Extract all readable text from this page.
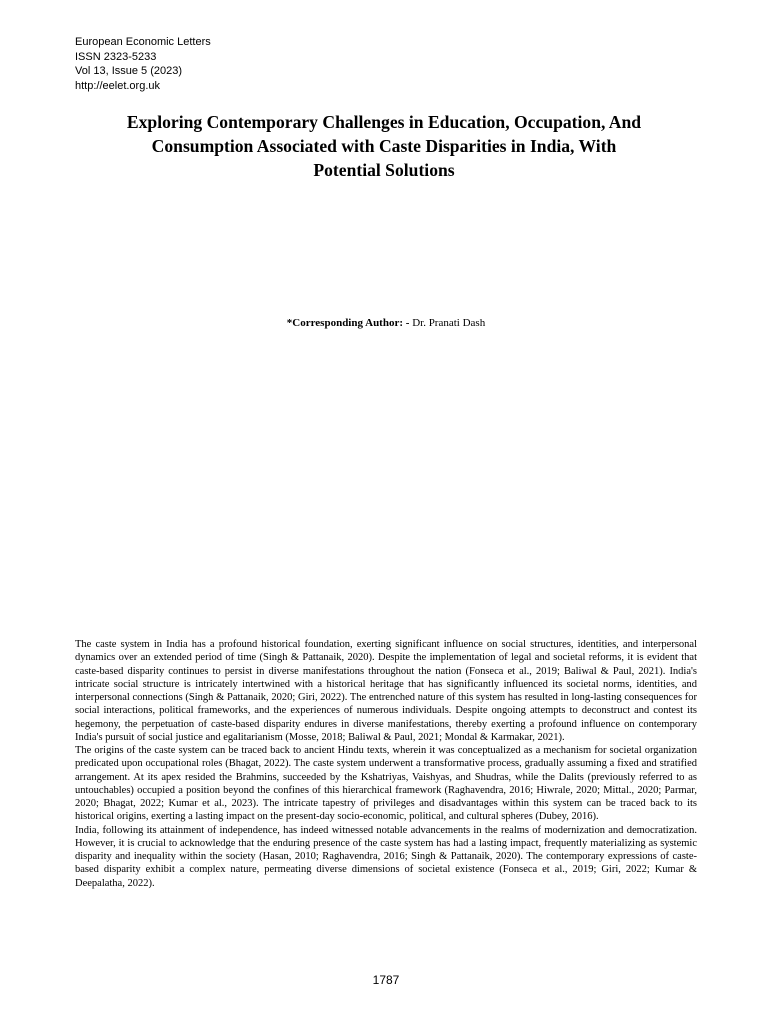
European Economic Letters
ISSN 2323-5233
Vol 13, Issue 5 (2023)
http://eelet.org.uk
Exploring Contemporary Challenges in Education, Occupation, And
Consumption Associated with Caste Disparities in India, With
Potential Solutions
*Corresponding Author: - Dr. Pranati Dash

The caste system in India has a profound historical foundation, exerting significant influence on social structures, identities, and interpersonal dynamics over an extended period of time (Singh & Pattanaik, 2020). Despite the implementation of legal and societal reforms, it is evident that caste-based disparity continues to persist in diverse manifestations throughout the nation (Fonseca et al., 2019; Baliwal & Paul, 2021). India's intricate social structure is intricately intertwined with a historical heritage that has significantly influenced its societal norms, identities, and interpersonal connections (Singh & Pattanaik, 2020; Giri, 2022). The entrenched nature of this system has resulted in long-lasting consequences for social interactions, political frameworks, and the experiences of numerous individuals. Despite ongoing attempts to deconstruct and contest its hegemony, the perpetuation of caste-based disparity endures in diverse manifestations, thereby exerting a profound influence on contemporary India's pursuit of social justice and egalitarianism (Mosse, 2018; Baliwal & Paul, 2021; Mondal & Karmakar, 2021).

The origins of the caste system can be traced back to ancient Hindu texts, wherein it was conceptualized as a mechanism for societal organization predicated upon occupational roles (Bhagat, 2022). The caste system underwent a transformative process, gradually assuming a fixed and stratified arrangement. At its apex resided the Brahmins, succeeded by the Kshatriyas, Vaishyas, and Shudras, while the Dalits (previously referred to as untouchables) occupied a position beyond the confines of this hierarchical framework (Raghavendra, 2016; Hiwrale, 2020; Mittal., 2020; Parmar, 2020; Bhagat, 2022; Kumar et al., 2023). The intricate tapestry of privileges and disadvantages within this system can be traced back to its historical origins, exerting a lasting impact on the present-day socio-economic, political, and cultural spheres (Dubey, 2016).

India, following its attainment of independence, has indeed witnessed notable advancements in the realms of modernization and democratization. However, it is crucial to acknowledge that the enduring presence of the caste system has had a lasting impact, frequently materializing as systemic disparity and inequality within the society (Hasan, 2010; Raghavendra, 2016; Singh & Pattanaik, 2020). The contemporary expressions of caste-based disparity exhibit a complex nature, permeating diverse dimensions of societal existence (Fonseca et al., 2019; Giri, 2022; Kumar & Deepalatha, 2022).

1787
